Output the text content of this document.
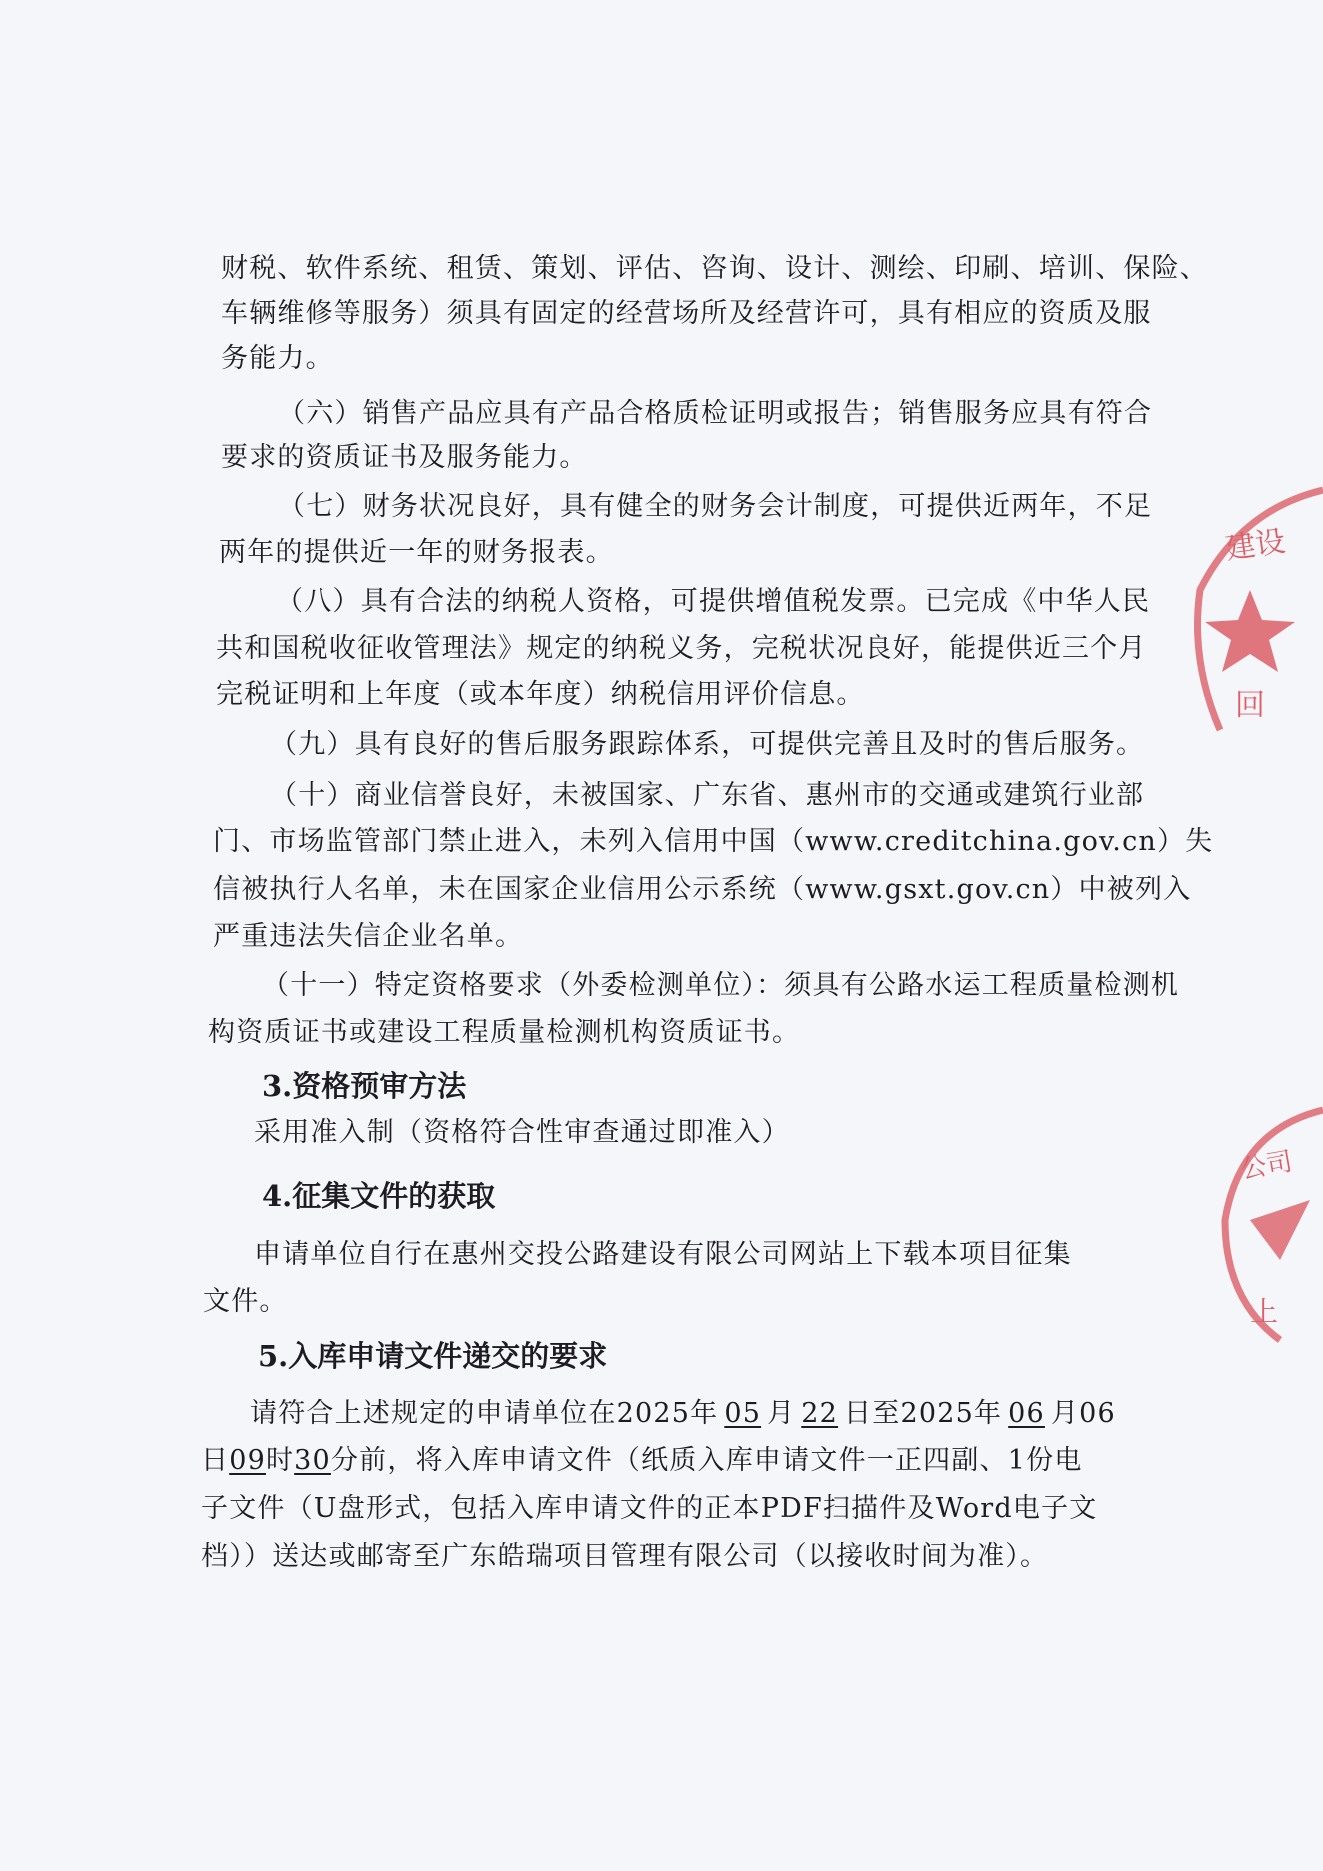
财税、软件系统、租赁、策划、评估、咨询、设计、测绘、印刷、培训、保险、
车辆维修等服务）须具有固定的经营场所及经营许可，具有相应的资质及服
务能力。
（六）销售产品应具有产品合格质检证明或报告；销售服务应具有符合
要求的资质证书及服务能力。
（七）财务状况良好，具有健全的财务会计制度，可提供近两年，不足
两年的提供近一年的财务报表。
（八）具有合法的纳税人资格，可提供增值税发票。已完成《中华人民
共和国税收征收管理法》规定的纳税义务，完税状况良好，能提供近三个月
完税证明和上年度（或本年度）纳税信用评价信息。
（九）具有良好的售后服务跟踪体系，可提供完善且及时的售后服务。
（十）商业信誉良好，未被国家、广东省、惠州市的交通或建筑行业部
门、市场监管部门禁止进入，未列入信用中国（www.creditchina.gov.cn）失
信被执行人名单，未在国家企业信用公示系统（www.gsxt.gov.cn）中被列入
严重违法失信企业名单。
（十一）特定资格要求（外委检测单位）：须具有公路水运工程质量检测机
构资质证书或建设工程质量检测机构资质证书。
3.资格预审方法
采用准入制（资格符合性审查通过即准入）
4.征集文件的获取
申请单位自行在惠州交投公路建设有限公司网站上下载本项目征集
文件。
5.入库申请文件递交的要求
请符合上述规定的申请单位在2025年 05 月 22 日至2025年 06 月06
日09时30分前，将入库申请文件（纸质入库申请文件一正四副、1份电
子文件（U盘形式，包括入库申请文件的正本PDF扫描件及Word电子文
档））送达或邮寄至广东皓瑞项目管理有限公司（以接收时间为准）。
建设
回
公司
上
